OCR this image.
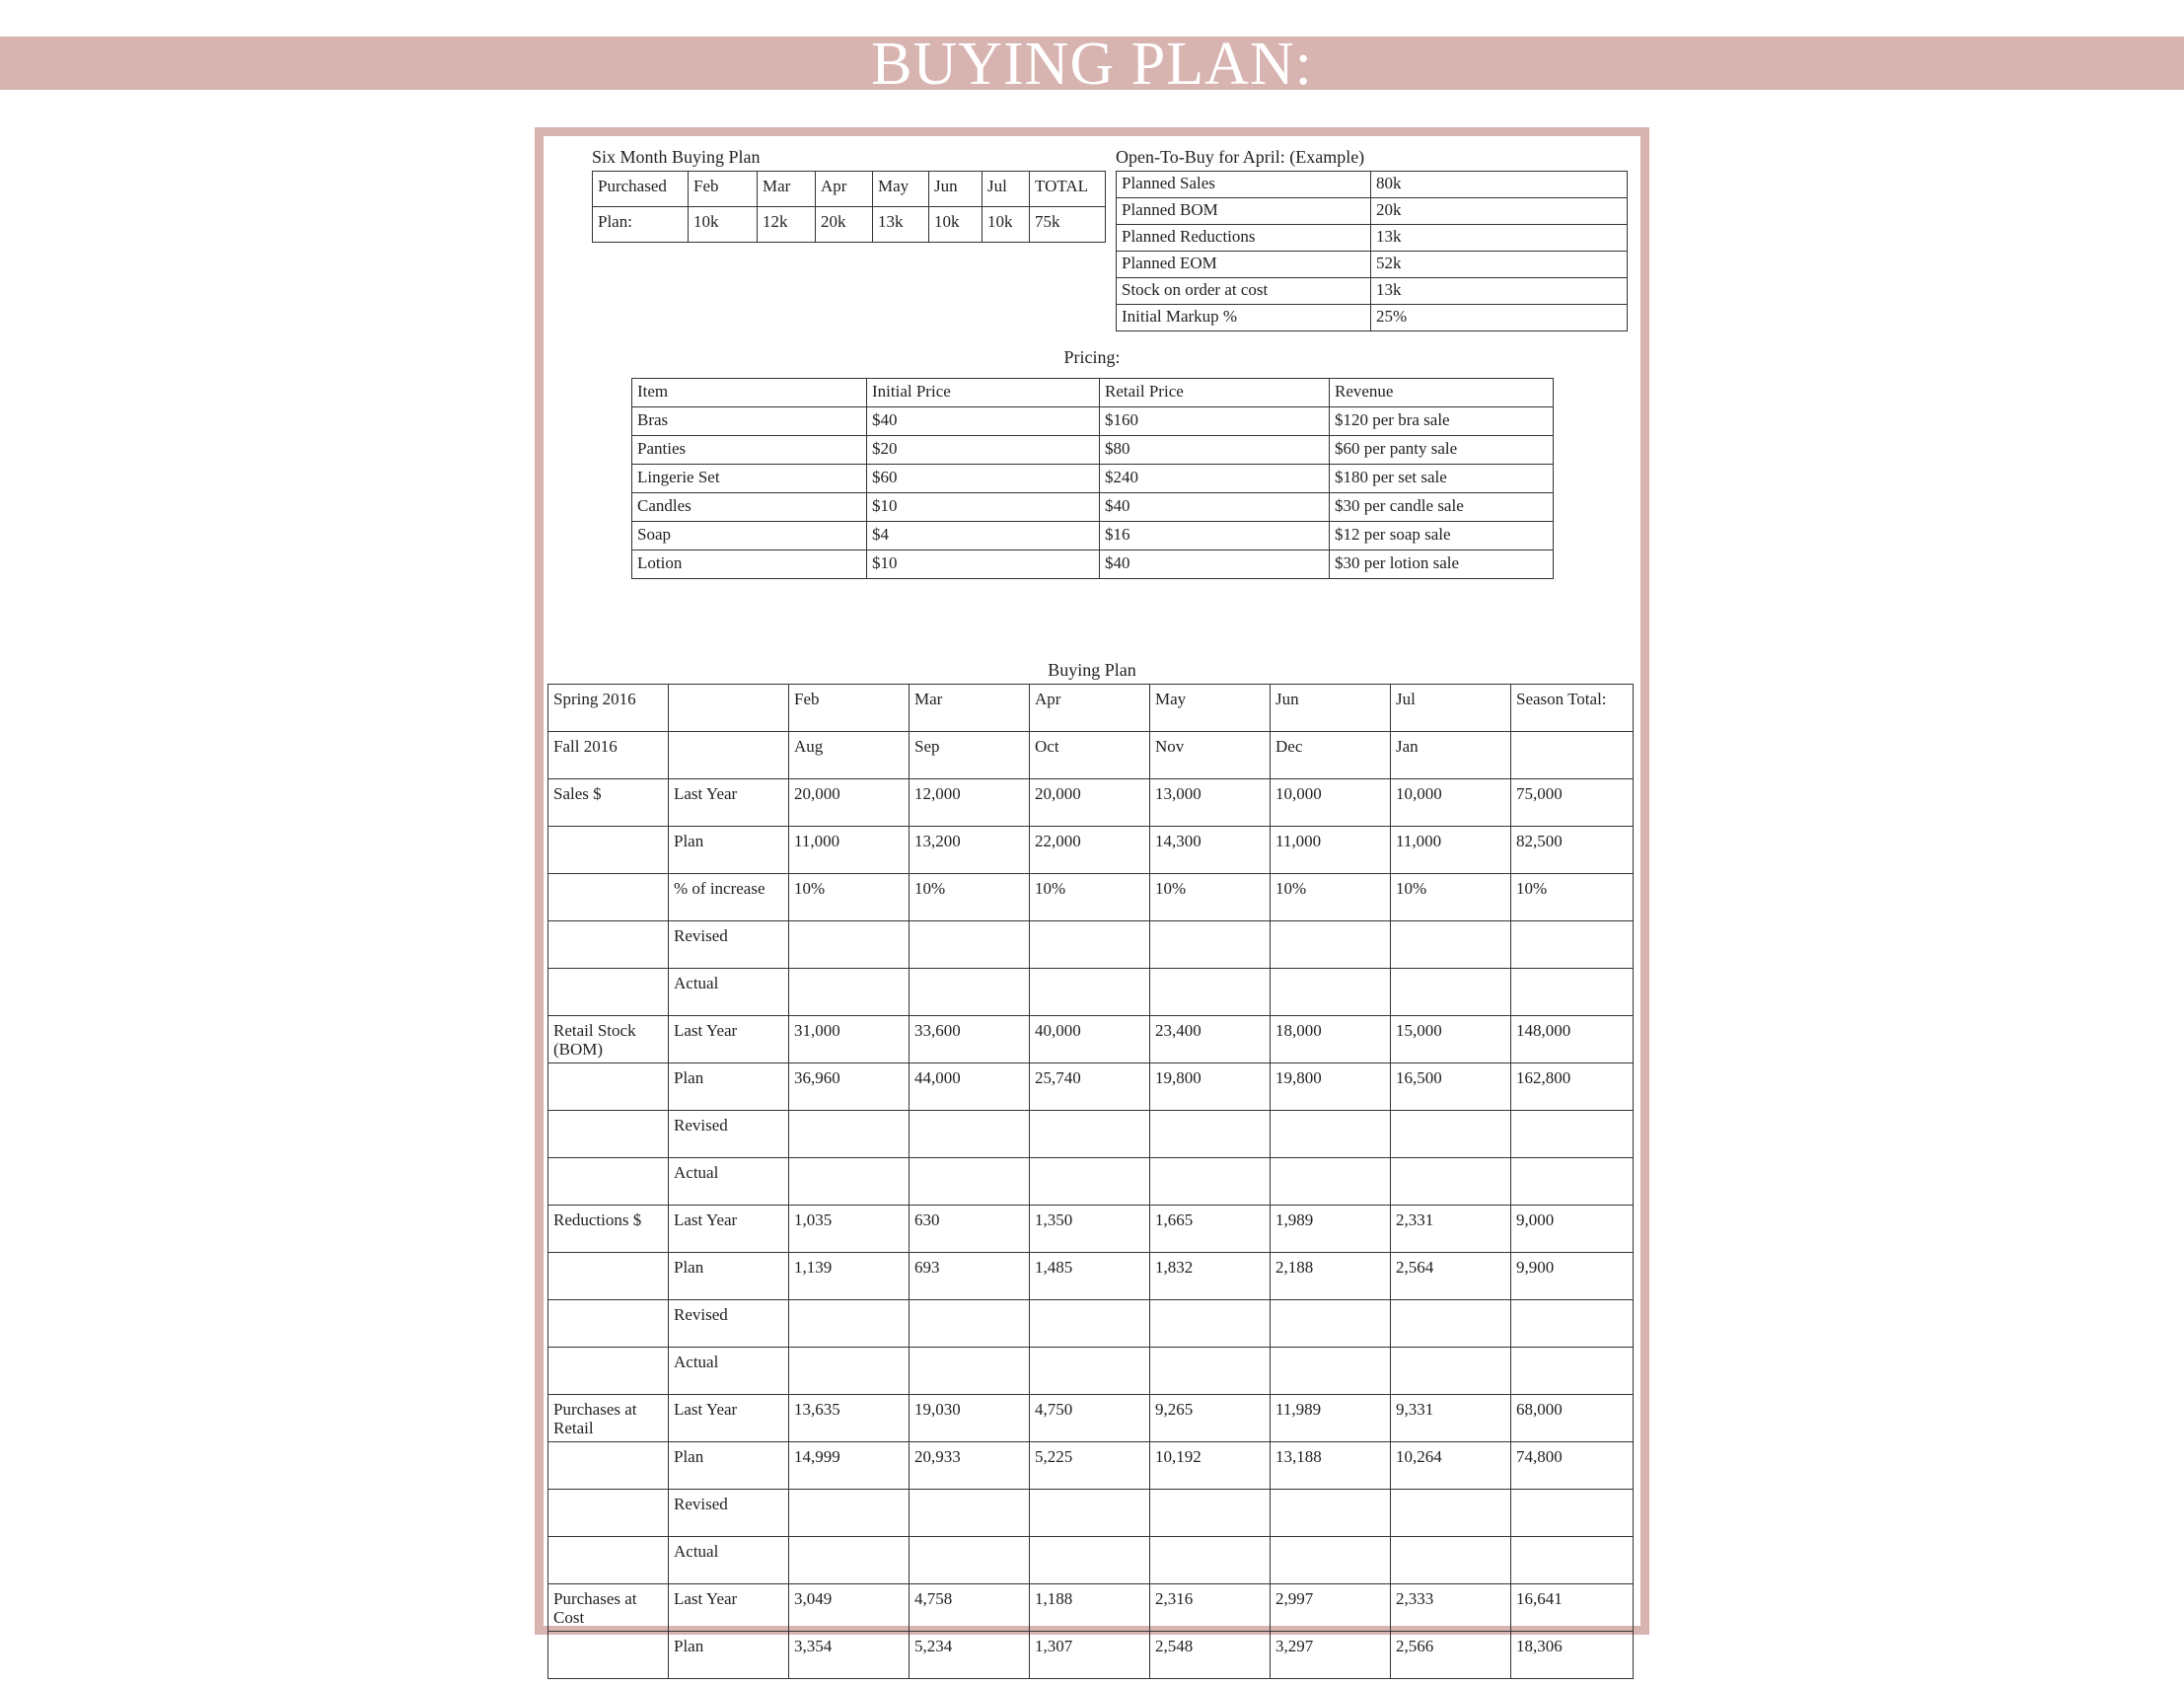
BUYING PLAN:
Six Month Buying Plan
Purchased	Feb	Mar	Apr	May	Jun	Jul	TOTAL
Plan:	10k	12k	20k	13k	10k	10k	75k
Open-To-Buy for April: (Example)
Planned Sales	80k
Planned BOM	20k
Planned Reductions	13k
Planned EOM	52k
Stock on order at cost	13k
Initial Markup %	25%
Pricing:
Item	Initial Price	Retail Price	Revenue
Bras	$40	$160	$120 per bra sale
Panties	$20	$80	$60 per panty sale
Lingerie Set	$60	$240	$180 per set sale
Candles	$10	$40	$30 per candle sale
Soap	$4	$16	$12 per soap sale
Lotion	$10	$40	$30 per lotion sale
Buying Plan
Spring 2016		Feb	Mar	Apr	May	Jun	Jul	Season Total:
Fall 2016		Aug	Sep	Oct	Nov	Dec	Jan	
Sales $	Last Year	20,000	12,000	20,000	13,000	10,000	10,000	75,000
	Plan	11,000	13,200	22,000	14,300	11,000	11,000	82,500
	% of increase	10%	10%	10%	10%	10%	10%	10%
	Revised							
	Actual							
Retail Stock (BOM)	Last Year	31,000	33,600	40,000	23,400	18,000	15,000	148,000
	Plan	36,960	44,000	25,740	19,800	19,800	16,500	162,800
	Revised							
	Actual							
Reductions $	Last Year	1,035	630	1,350	1,665	1,989	2,331	9,000
	Plan	1,139	693	1,485	1,832	2,188	2,564	9,900
	Revised							
	Actual							
Purchases at Retail	Last Year	13,635	19,030	4,750	9,265	11,989	9,331	68,000
	Plan	14,999	20,933	5,225	10,192	13,188	10,264	74,800
	Revised							
	Actual							
Purchases at Cost	Last Year	3,049	4,758	1,188	2,316	2,997	2,333	16,641
	Plan	3,354	5,234	1,307	2,548	3,297	2,566	18,306
